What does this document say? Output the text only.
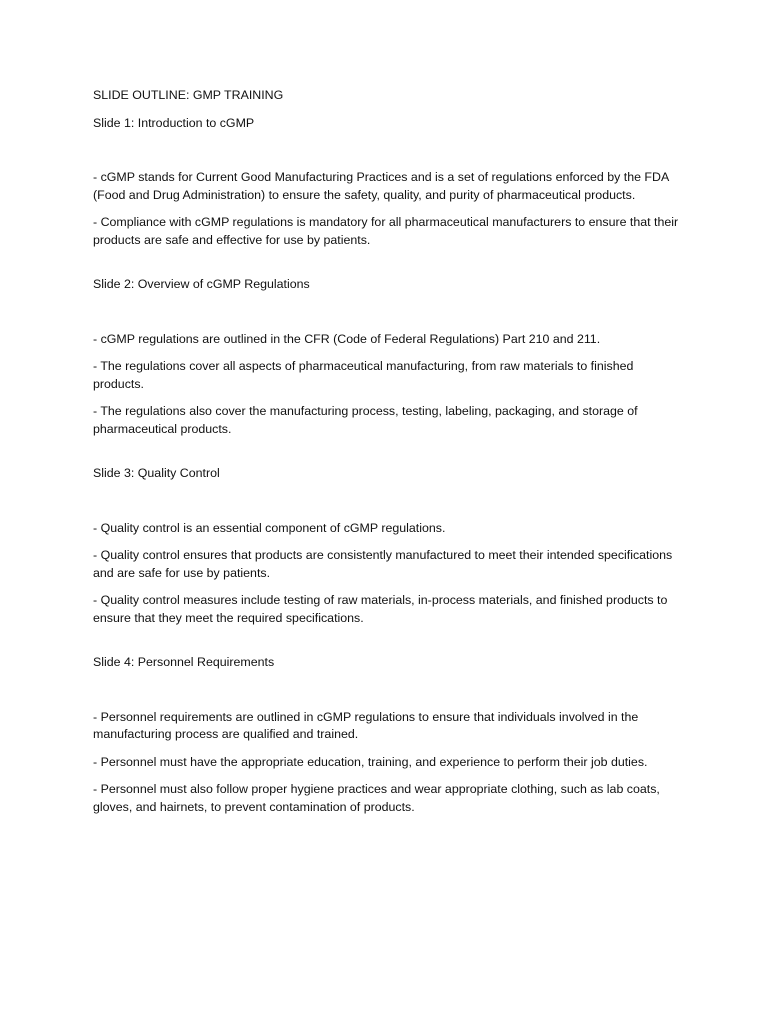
SLIDE OUTLINE: GMP TRAINING

Slide 1: Introduction to cGMP

- cGMP stands for Current Good Manufacturing Practices and is a set of regulations enforced by the FDA (Food and Drug Administration) to ensure the safety, quality, and purity of pharmaceutical products.

- Compliance with cGMP regulations is mandatory for all pharmaceutical manufacturers to ensure that their products are safe and effective for use by patients.

Slide 2: Overview of cGMP Regulations

- cGMP regulations are outlined in the CFR (Code of Federal Regulations) Part 210 and 211.

- The regulations cover all aspects of pharmaceutical manufacturing, from raw materials to finished products.

- The regulations also cover the manufacturing process, testing, labeling, packaging, and storage of pharmaceutical products.

Slide 3: Quality Control

- Quality control is an essential component of cGMP regulations.

- Quality control ensures that products are consistently manufactured to meet their intended specifications and are safe for use by patients.

- Quality control measures include testing of raw materials, in-process materials, and finished products to ensure that they meet the required specifications.

Slide 4: Personnel Requirements

- Personnel requirements are outlined in cGMP regulations to ensure that individuals involved in the manufacturing process are qualified and trained.

- Personnel must have the appropriate education, training, and experience to perform their job duties.

- Personnel must also follow proper hygiene practices and wear appropriate clothing, such as lab coats, gloves, and hairnets, to prevent contamination of products.
